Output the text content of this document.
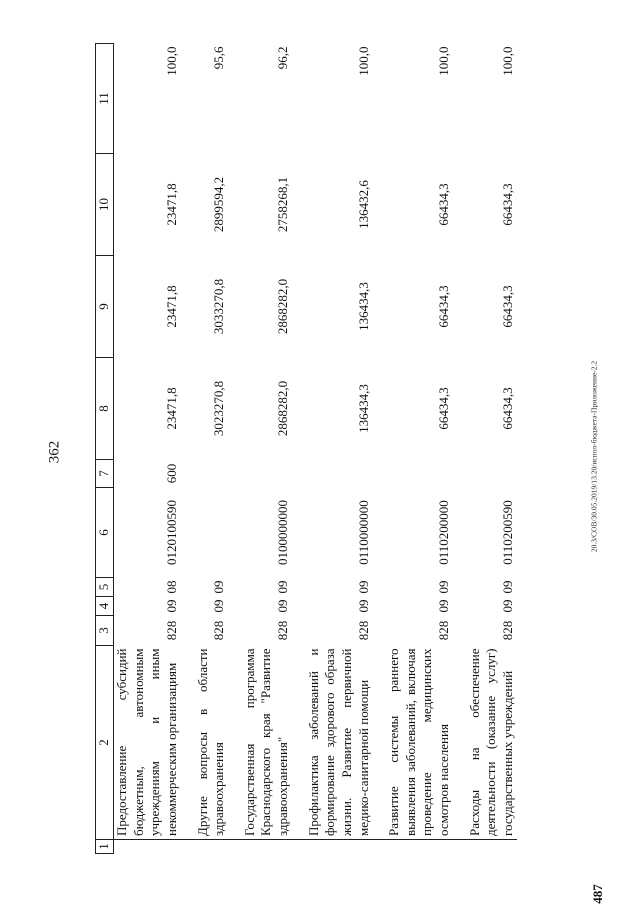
362	20.3/СОВ/30.05.2019/13.20/испол-бюджета-Приложение-2.2
487
1	2	3	4	5	6	7	8	9	10	11
	Предоставление субсидий бюджетным, автономным учреждениям и иным некоммерческим организациям	828	09	08	0120100590	600	23471,8	23471,8	23471,8	100,0

	Другие вопросы в области здравоохранения	828	09	09			3023270,8	3033270,8	2899594,2	95,6

	Государственная программа Краснодарского края "Развитие здравоохранения"	828	09	09	0100000000		2868282,0	2868282,0	2758268,1	96,2

	Профилактика заболеваний и формирование здорового образа жизни. Развитие первичной медико-санитарной помощи	828	09	09	0110000000		136434,3	136434,3	136432,6	100,0

	Развитие системы раннего выявления заболеваний, включая проведение медицинских осмотров населения	828	09	09	0110200000		66434,3	66434,3	66434,3	100,0

	Расходы на обеспечение деятельности (оказание услуг) государственных учреждений	828	09	09	0110200590		66434,3	66434,3	66434,3	100,0
